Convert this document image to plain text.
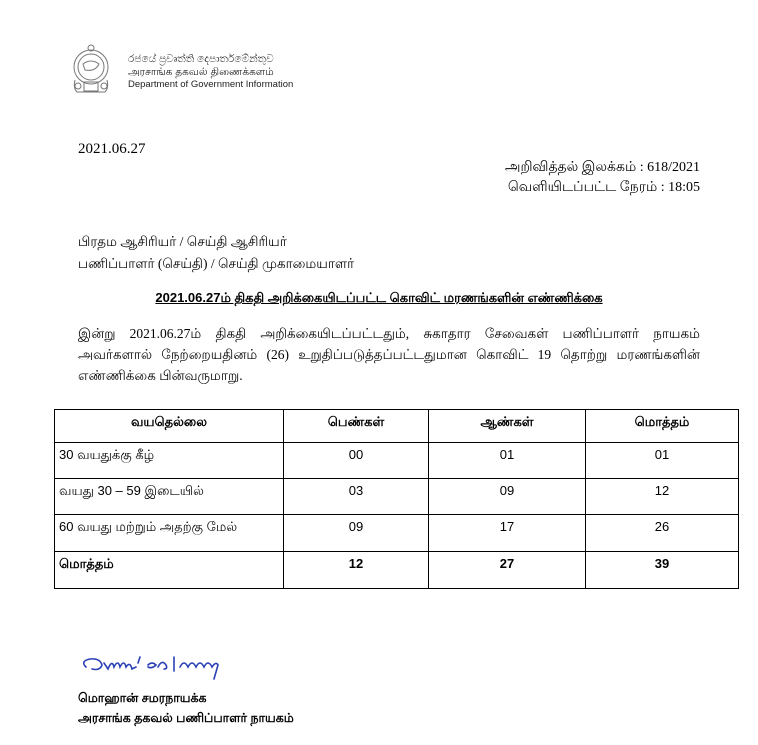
රජයේ ප්‍රවෘත්ති දෙපාර්තමේන්තුව
அரசாங்க தகவல் திணைக்களம்
Department of Government Information
2021.06.27
அறிவித்தல் இலக்கம் : 618/2021
வெளியிடப்பட்ட நேரம் : 18:05
பிரதம ஆசிரியர் / செய்தி ஆசிரியர்
பணிப்பாளர் (செய்தி) / செய்தி முகாமையாளர்
2021.06.27ம் திகதி அறிக்கையிடப்பட்ட கொவிட் மரணங்களின் எண்ணிக்கை
இன்று 2021.06.27ம் திகதி அறிக்கையிடப்பட்டதும், சுகாதார சேவைகள் பணிப்பாளர் நாயகம் அவர்களால் நேற்றையதினம் (26) உறுதிப்படுத்தப்பட்டதுமான கொவிட் 19 தொற்று மரணங்களின் எண்ணிக்கை பின்வருமாறு.
வயதெல்லை	பெண்கள்	ஆண்கள்	மொத்தம்
30 வயதுக்கு கீழ்	00	01	01
வயது 30 – 59 இடையில்	03	09	12
60 வயது மற்றும் அதற்கு மேல்	09	17	26
மொத்தம்	12	27	39
மொஹான் சமரநாயக்க
அரசாங்க தகவல் பணிப்பாளர் நாயகம்
